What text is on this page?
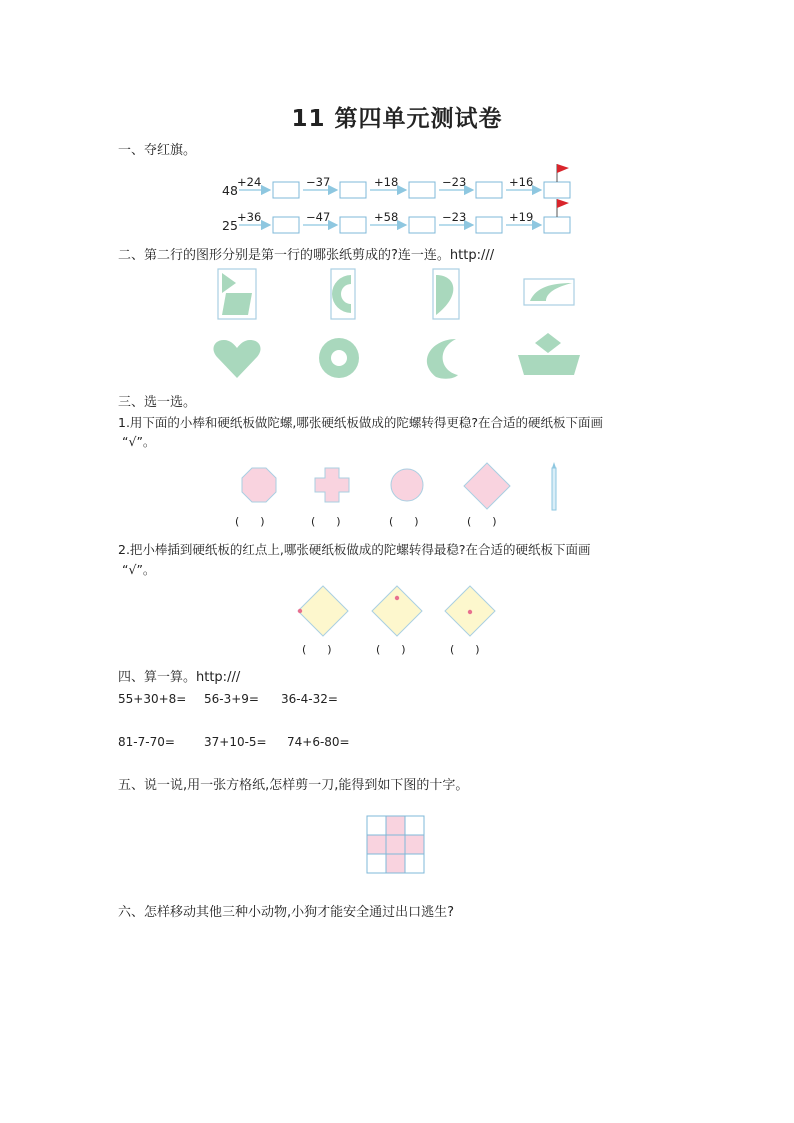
11 第四单元测试卷
一、夺红旗。
48
+24	−37	+18	−23	+16
25
+36	−47	+58	−23	+19
二、第二行的图形分别是第一行的哪张纸剪成的?连一连。http:///
三、选一选。
1.用下面的小棒和硬纸板做陀螺,哪张硬纸板做成的陀螺转得更稳?在合适的硬纸板下面画
“√”。
(      )	(      )	(      )	(      )
2.把小棒插到硬纸板的红点上,哪张硬纸板做成的陀螺转得最稳?在合适的硬纸板下面画
“√”。
(      )	(      )	(      )
四、算一算。http:///
55+30+8= 56-3+9= 36-4-32=
81-7-70= 37+10-5= 74+6-80=
五、说一说,用一张方格纸,怎样剪一刀,能得到如下图的十字。
六、怎样移动其他三种小动物,小狗才能安全通过出口逃生?
